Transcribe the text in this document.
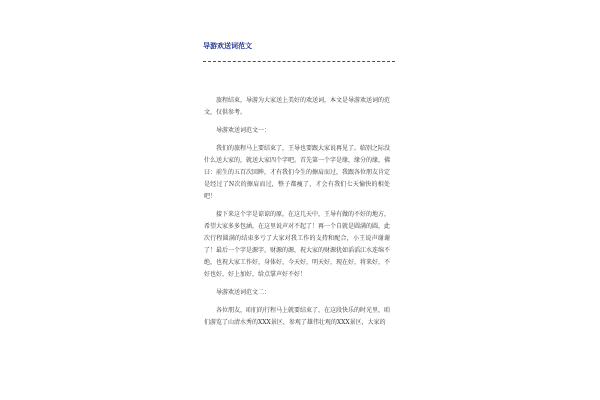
导游欢送词范文

旅程结束，导游为大家送上美好的欢送词，本文是导游欢送词的范文，仅供参考。

导游欢送词范文一：

我们的旅程马上要结束了，王导也要跟大家说再见了。临别之际没什么送大家的，就送大家四个字吧。首先第一个字是缘，缘分的缘，佛曰：前生的五百次回眸，才有我们今生的擦肩而过，我跟各位朋友肯定是经过了N次的擦肩而过，整子都瘦了，才会有我们七天愉快的相处吧！

接下来这个字是谅谅的原，在这几天中，王导有做的不好的地方，希望大家多多包涵，在这里说声对不起了！再一个自就是圆满的圆，此次行程圆满的结束多亏了大家对我工作的支持和配合，小王说声谢谢了！最后一个字是源字，财源的源，祝大家的财源犹如滔滔江水连绵不绝，也祝大家工作好，身体好，今天好，明天好，现在好，将来好，不好也好，好上加好，给点掌声好不好！

导游欢送词范文二：

各位朋友，咱们的行程马上就要结束了，在这段快乐的时光里，咱们游览了山清水秀的XXX景区，参观了雄伟壮观的XXX景区，大家的
